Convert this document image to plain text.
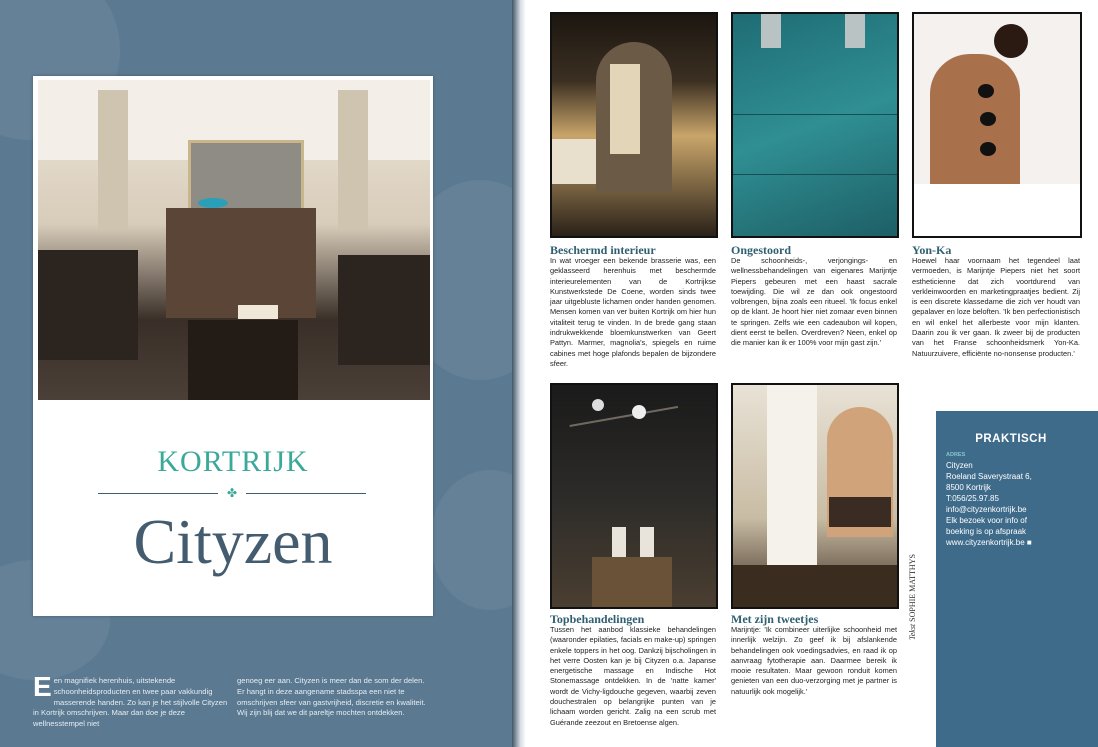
KORTRIJK
✤
Cityzen
E en magnifiek herenhuis, uitstekende schoonheidsproducten en twee paar vakkundig masserende handen. Zo kan je het stijlvolle Cityzen in Kortrijk omschrijven. Maar dan doe je deze wellnesstempel niet
genoeg eer aan. Cityzen is meer dan de som der delen. Er hangt in deze aangename stadsspa een niet te omschrijven sfeer van gastvrijheid, discretie en kwaliteit. Wij zijn blij dat we dit pareltje mochten ontdekken.
Beschermd interieur
In wat vroeger een bekende brasserie was, een geklasseerd herenhuis met beschermde interieurelementen van de Kortrijkse Kunstwerkstede De Coene, worden sinds twee jaar uitgebluste lichamen onder handen genomen. Mensen komen van ver buiten Kortrijk om hier hun vitaliteit terug te vinden. In de brede gang staan indrukwekkende bloemkunstwerken van Geert Pattyn. Marmer, magnolia's, spiegels en ruime cabines met hoge plafonds bepalen de bijzondere sfeer.
Ongestoord
De schoonheids-, verjongings- en wellnessbehandelingen van eigenares Marijntje Piepers gebeuren met een haast sacrale toewijding. Die wil ze dan ook ongestoord volbrengen, bijna zoals een ritueel. 'Ik focus enkel op de klant. Je hoort hier niet zomaar even binnen te springen. Zelfs wie een cadeaubon wil kopen, dient eerst te bellen. Overdreven? Neen, enkel op die manier kan ik er 100% voor mijn gast zijn.'
Yon-Ka
Hoewel haar voornaam het tegendeel laat vermoeden, is Marijntje Piepers niet het soort estheticienne dat zich voortdurend van verkleinwoorden en marketingpraatjes bedient. Zij is een discrete klassedame die zich ver houdt van gepalaver en loze beloften. 'Ik ben perfectionistisch en wil enkel het allerbeste voor mijn klanten. Daarin zou ik ver gaan. Ik zweer bij de producten van het Franse schoonheidsmerk Yon-Ka. Natuurzuivere, efficiënte no-nonsense producten.'
Topbehandelingen
Tussen het aanbod klassieke behandelingen (waaronder epilaties, facials en make-up) springen enkele toppers in het oog. Dankzij bijscholingen in het verre Oosten kan je bij Cityzen o.a. Japanse energetische massage en Indische Hot Stonemassage ontdekken. In de 'natte kamer' wordt de Vichy-ligdouche gegeven, waarbij zeven douchestralen op belangrijke punten van je lichaam worden gericht. Zalig na een scrub met Guérande zeezout en Bretoense algen.
Met zijn tweetjes
Marijntje: 'Ik combineer uiterlijke schoonheid met innerlijk welzijn. Zo geef ik bij afslankende behandelingen ook voedingsadvies, en raad ik op aanvraag fytotherapie aan. Daarmee bereik ik mooie resultaten. Maar gewoon ronduit komen genieten van een duo-verzorging met je partner is natuurlijk ook mogelijk.'
PRAKTISCH
ADRES
Cityzen
Roeland Saverystraat 6,
8500 Kortrijk
T:056/25.97.85
info@cityzenkortrijk.be
Elk bezoek voor info of
boeking is op afspraak
www.cityzenkortrijk.be ■
Tekst SOPHIE MATTHYS
